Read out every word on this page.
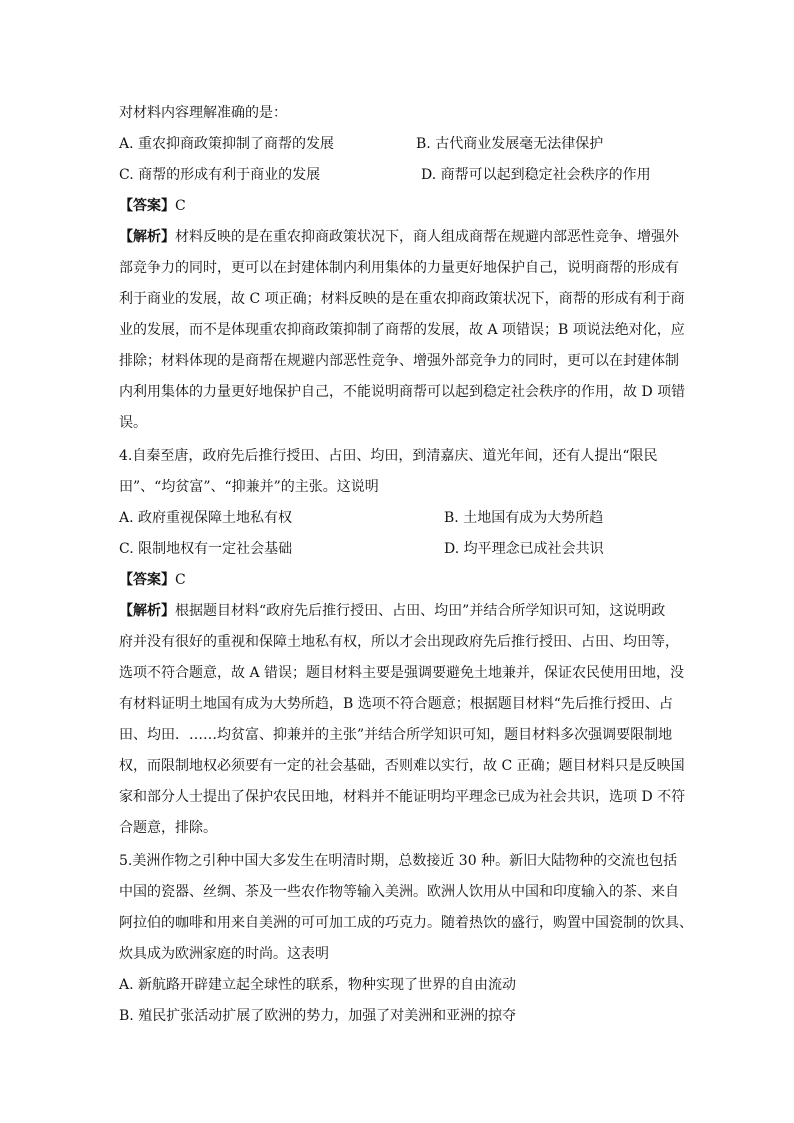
对材料内容理解准确的是：
A. 重农抑商政策抑制了商帮的发展	B. 古代商业发展毫无法律保护
C. 商帮的形成有利于商业的发展	D. 商帮可以起到稳定社会秩序的作用
【答案】C
【解析】材料反映的是在重农抑商政策状况下，商人组成商帮在规避内部恶性竞争、增强外
部竞争力的同时，更可以在封建体制内利用集体的力量更好地保护自己，说明商帮的形成有
利于商业的发展，故 C 项正确；材料反映的是在重农抑商政策状况下，商帮的形成有利于商
业的发展，而不是体现重农抑商政策抑制了商帮的发展，故 A 项错误；B 项说法绝对化，应
排除；材料体现的是商帮在规避内部恶性竞争、增强外部竞争力的同时，更可以在封建体制
内利用集体的力量更好地保护自己，不能说明商帮可以起到稳定社会秩序的作用，故 D 项错
误。
4.自秦至唐，政府先后推行授田、占田、均田，到清嘉庆、道光年间，还有人提出“限民
田”、“均贫富”、“抑兼并”的主张。这说明
A. 政府重视保障土地私有权	B. 土地国有成为大势所趋
C. 限制地权有一定社会基础	D. 均平理念已成社会共识
【答案】C
【解析】根据题目材料“政府先后推行授田、占田、均田”并结合所学知识可知，这说明政
府并没有很好的重视和保障土地私有权，所以才会出现政府先后推行授田、占田、均田等，
选项不符合题意，故 A 错误；题目材料主要是强调要避免土地兼并，保证农民使用田地，没
有材料证明土地国有成为大势所趋，B 选项不符合题意；根据题目材料“先后推行授田、占
田、均田．……均贫富、抑兼并的主张”并结合所学知识可知，题目材料多次强调要限制地
权，而限制地权必须要有一定的社会基础，否则难以实行，故 C 正确；题目材料只是反映国
家和部分人士提出了保护农民田地，材料并不能证明均平理念已成为社会共识，选项 D 不符
合题意，排除。
5.美洲作物之引种中国大多发生在明清时期，总数接近 30 种。新旧大陆物种的交流也包括
中国的瓷器、丝绸、茶及一些农作物等输入美洲。欧洲人饮用从中国和印度输入的茶、来自
阿拉伯的咖啡和用来自美洲的可可加工成的巧克力。随着热饮的盛行，购置中国瓷制的饮具、
炊具成为欧洲家庭的时尚。这表明
A. 新航路开辟建立起全球性的联系，物种实现了世界的自由流动
B. 殖民扩张活动扩展了欧洲的势力，加强了对美洲和亚洲的掠夺
